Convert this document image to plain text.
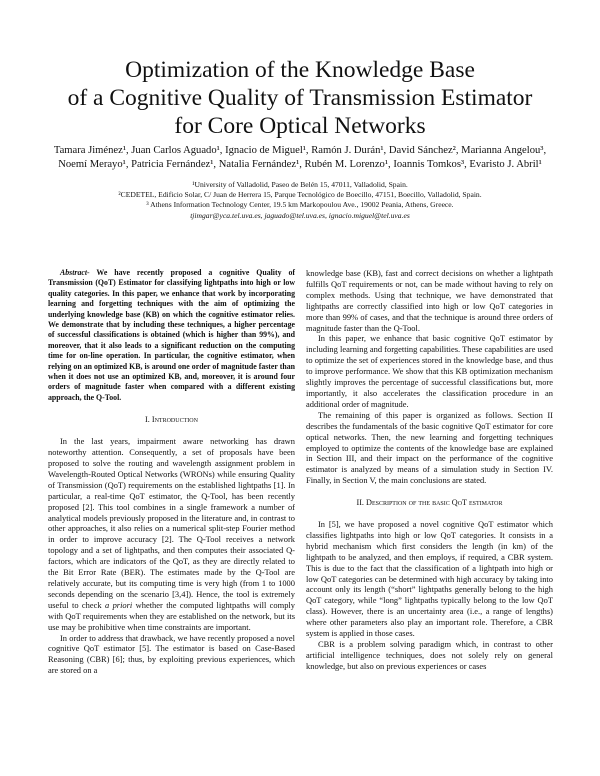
Optimization of the Knowledge Base
of a Cognitive Quality of Transmission Estimator
for Core Optical Networks
Tamara Jiménez¹, Juan Carlos Aguado¹, Ignacio de Miguel¹, Ramón J. Durán¹, David Sánchez², Marianna Angelou³,
Noemí Merayo¹, Patricia Fernández¹, Natalia Fernández¹, Rubén M. Lorenzo¹, Ioannis Tomkos³, Evaristo J. Abril¹
¹University of Valladolid, Paseo de Belén 15, 47011, Valladolid, Spain.
²CEDETEL, Edificio Solar, C/ Juan de Herrera 15, Parque Tecnológico de Boecillo, 47151, Boecillo, Valladolid, Spain.
³ Athens Information Technology Center, 19.5 km Markopoulou Ave., 19002 Peania, Athens, Greece.
tjimgar@yca.tel.uva.es, jaguado@tel.uva.es, ignacio.miguel@tel.uva.es

Abstract- We have recently proposed a cognitive Quality of Transmission (QoT) Estimator for classifying lightpaths into high or low quality categories. In this paper, we enhance that work by incorporating learning and forgetting techniques with the aim of optimizing the underlying knowledge base (KB) on which the cognitive estimator relies. We demonstrate that by including these techniques, a higher percentage of successful classifications is obtained (which is higher than 99%), and moreover, that it also leads to a significant reduction on the computing time for on-line operation. In particular, the cognitive estimator, when relying on an optimized KB, is around one order of magnitude faster than when it does not use an optimized KB, and, moreover, it is around four orders of magnitude faster when compared with a different existing approach, the Q-Tool.

I. Introduction

In the last years, impairment aware networking has drawn noteworthy attention. Consequently, a set of proposals have been proposed to solve the routing and wavelength assignment problem in Wavelength-Routed Optical Networks (WRONs) while ensuring Quality of Transmission (QoT) requirements on the established lightpaths [1]. In particular, a real-time QoT estimator, the Q-Tool, has been recently proposed [2]. This tool combines in a single framework a number of analytical models previously proposed in the literature and, in contrast to other approaches, it also relies on a numerical split-step Fourier method in order to improve accuracy [2]. The Q-Tool receives a network topology and a set of lightpaths, and then computes their associated Q-factors, which are indicators of the QoT, as they are directly related to the Bit Error Rate (BER). The estimates made by the Q-Tool are relatively accurate, but its computing time is very high (from 1 to 1000 seconds depending on the scenario [3,4]). Hence, the tool is extremely useful to check a priori whether the computed lightpaths will comply with QoT requirements when they are established on the network, but its use may be prohibitive when time constraints are important.

In order to address that drawback, we have recently proposed a novel cognitive QoT estimator [5]. The estimator is based on Case-Based Reasoning (CBR) [6]; thus, by exploiting previous experiences, which are stored on a

knowledge base (KB), fast and correct decisions on whether a lightpath fulfills QoT requirements or not, can be made without having to rely on complex methods. Using that technique, we have demonstrated that lightpaths are correctly classified into high or low QoT categories in more than 99% of cases, and that the technique is around three orders of magnitude faster than the Q-Tool.

In this paper, we enhance that basic cognitive QoT estimator by including learning and forgetting capabilities. These capabilities are used to optimize the set of experiences stored in the knowledge base, and thus to improve performance. We show that this KB optimization mechanism slightly improves the percentage of successful classifications but, more importantly, it also accelerates the classification procedure in an additional order of magnitude.

The remaining of this paper is organized as follows. Section II describes the fundamentals of the basic cognitive QoT estimator for core optical networks. Then, the new learning and forgetting techniques employed to optimize the contents of the knowledge base are explained in Section III, and their impact on the performance of the cognitive estimator is analyzed by means of a simulation study in Section IV. Finally, in Section V, the main conclusions are stated.

II. Description of the basic QoT estimator

In [5], we have proposed a novel cognitive QoT estimator which classifies lightpaths into high or low QoT categories. It consists in a hybrid mechanism which first considers the length (in km) of the lightpath to be analyzed, and then employs, if required, a CBR system. This is due to the fact that the classification of a lightpath into high or low QoT categories can be determined with high accuracy by taking into account only its length (“short” lightpaths generally belong to the high QoT category, while “long” lightpaths typically belong to the low QoT class). However, there is an uncertainty area (i.e., a range of lengths) where other parameters also play an important role. Therefore, a CBR system is applied in those cases.

CBR is a problem solving paradigm which, in contrast to other artificial intelligence techniques, does not solely rely on general knowledge, but also on previous experiences or cases
